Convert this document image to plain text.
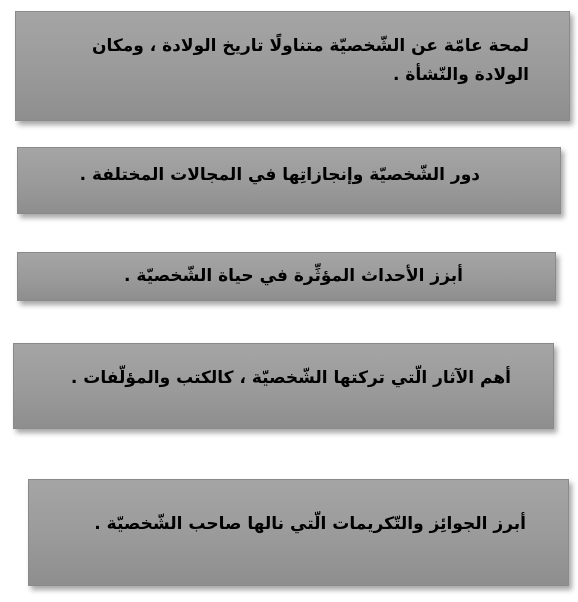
لمحة عامّة عن الشّخصيّة متناولًا تاريخ الولادة ، ومكان الولادة والنّشأة .
دور الشّخصيّة وإنجازاتِها في المجالات المختلفة .
أبزز الأحداث المؤثِّرة في حياة الشّخصيّة .
أهم الآثار الّتي تركتها الشّخصيّة ، كالكتب والمؤلّفات .
أبرز الجوائِز والتّكريمات الّتي نالها صاحب الشّخصيّة .
